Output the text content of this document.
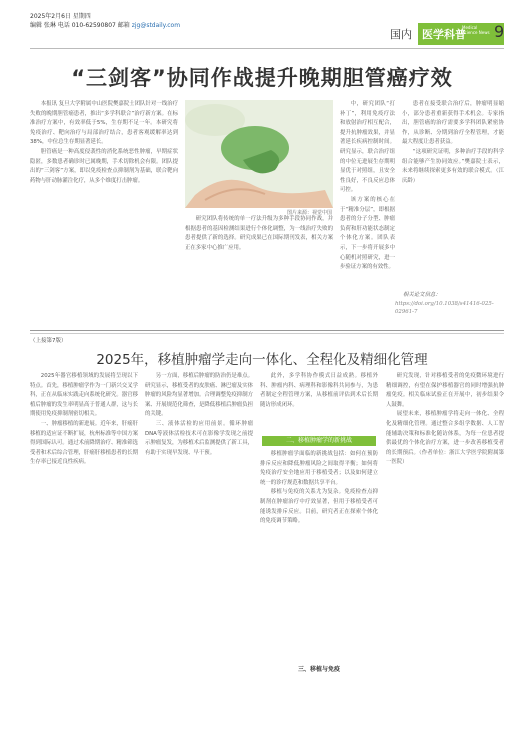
2025年2月6日 星期四
编辑 张琳 电话 010-62590807 邮箱 zjg@stdaily.com
国内 医学科普
Medical Science News 9
“三剑客”协同作战提升晚期胆管癌疗效

本报讯 复旦大学附属中山医院樊嘉院士团队针对一线治疗失败的晚期胆管癌患者，推出“多学科联合”治疗新方案。在标准治疗方案中，有效率低于5%，生存期不足一年。本研究将免疫治疗、靶向治疗与局部治疗结合，患者客观缓解率达到38%，中位总生存期显著延长。

胆管癌是一种高度侵袭性的消化系统恶性肿瘤，早期症状隐匿，多数患者确诊时已属晚期，手术切除机会有限。团队提出的“三剑客”方案，即以免疫检查点抑制剂为基础，联合靶向药物与肝动脉灌注化疗，从多个维度打击肿瘤。

图片来源：视觉中国

研究团队将传统的单一疗法升级为多种手段协同作战，并根据患者的基因检测结果进行个体化调整，为一线治疗失败的患者提供了新的选择。研究成果已在国际期刊发表，相关方案正在多家中心推广应用。

中，研究团队“打补丁”，利用免疫疗法和放射治疗相互配合，提升抗肿瘤效果，并显著延长疾病控制时间。研究显示，联合治疗组的中位无进展生存期明显优于对照组，且安全性良好，不良反应总体可控。

该方案的核心在于“精准分层”，即根据患者的分子分型、肿瘤负荷和肝功能状态制定个体化方案。团队表示，下一步将开展多中心随机对照研究，进一步验证方案的有效性。

患者在接受联合治疗后，肿瘤明显缩小，部分患者重新获得手术机会。专家指出，胆管癌的治疗需要多学科团队紧密协作，从诊断、分期到治疗全程管理，才能最大程度让患者获益。

“这项研究证明，多种治疗手段的科学组合能够产生协同效应。”樊嘉院士表示，未来将继续探索更多有效的联合模式。（江庆龄）

相关论文信息：
https://doi.org/10.1038/s41416-025-02961-7
（上接第7版）
2025年，移植肿瘤学走向一体化、全程化及精细化管理

2025年器官移植领域的发展将呈现以下特点。首先，移植肿瘤学作为一门新兴交叉学科，正在从临床实践走向系统化研究。器官移植后肿瘤的发生率明显高于普通人群，这与长期使用免疫抑制剂密切相关。

一、肿瘤移植的新进展。近年来，肝癌肝移植的适应证不断扩展，杭州标准等中国方案得到国际认可。通过术前降期治疗、精准筛选受者和术后综合管理，肝癌肝移植患者的长期生存率已接近良性疾病。

另一方面，移植后肿瘤的防治仍是难点。研究显示，移植受者的皮肤癌、淋巴瘤及实体肿瘤的风险均显著增加。合理调整免疫抑制方案、开展规范化筛查，是降低移植后肿瘤负担的关键。

三、液体活检的应用前景。循环肿瘤DNA等液体活检技术可在影像学发现之前提示肿瘤复发，为移植术后监测提供了新工具，有助于实现早发现、早干预。

此外，多学科协作模式日益成熟。移植外科、肿瘤内科、病理科和影像科共同参与，为患者制定全程管理方案，从移植前评估到术后长期随访形成闭环。

二、移植肿瘤学的新挑战

移植肿瘤学面临的新挑战包括：如何在预防排斥反应和降低肿瘤风险之间取得平衡；如何将免疫治疗安全地应用于移植受者；以及如何建立统一的诊疗规范和数据共享平台。

移植与免疫的关系尤为复杂。免疫检查点抑制剂在肿瘤治疗中疗效显著，但用于移植受者可能诱发排斥反应。目前，研究者正在探索个体化的免疫调节策略。

三、移植与免疫

研究发现，针对移植受者的免疫微环境进行精细调控，有望在保护移植器官的同时增强抗肿瘤免疫。相关临床试验正在开展中，初步结果令人鼓舞。

展望未来，移植肿瘤学将走向一体化、全程化及精细化管理。通过整合多组学数据、人工智能辅助决策和标准化随访体系，为每一位患者提供最优的个体化治疗方案，进一步改善移植受者的长期预后。（作者单位：浙江大学医学院附属第一医院）
